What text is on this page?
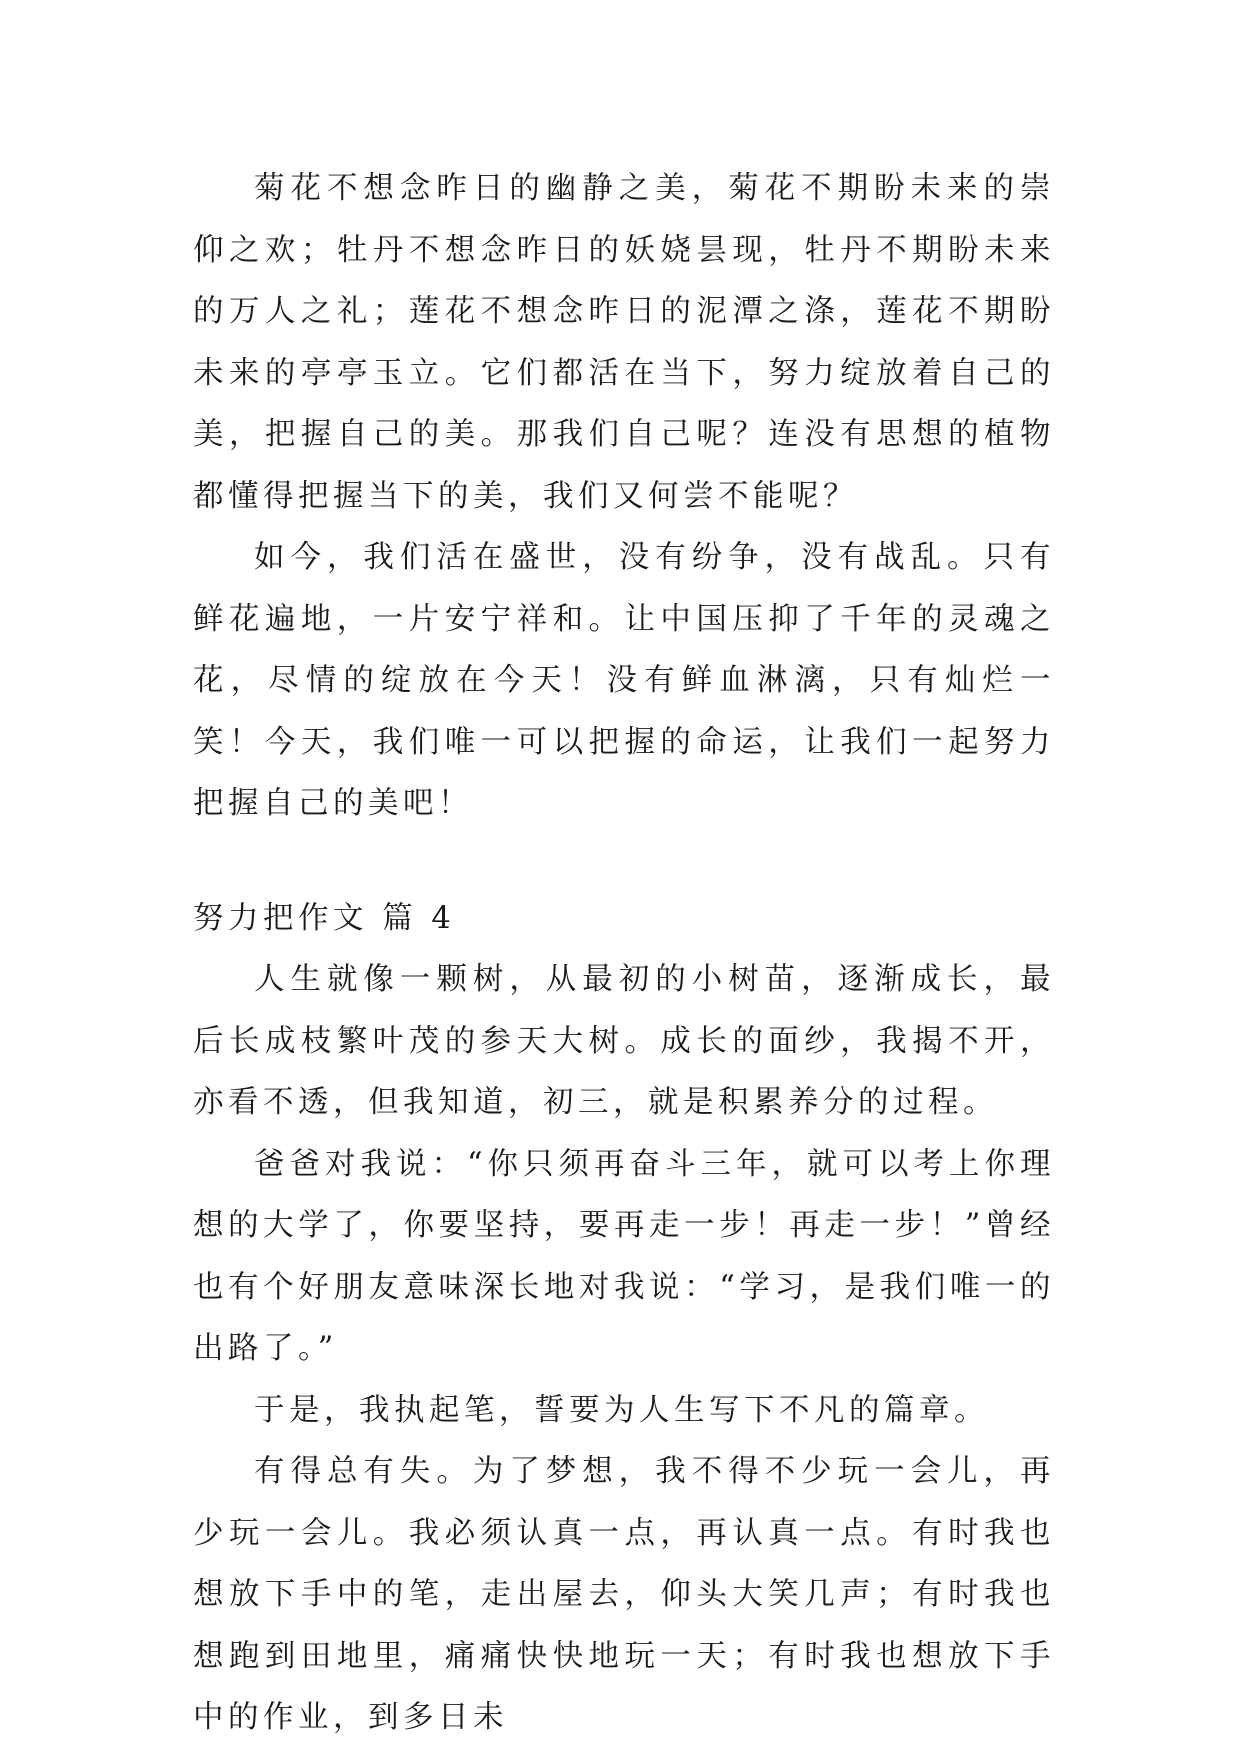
菊花不想念昨日的幽静之美，菊花不期盼未来的崇仰之欢；牡丹不想念昨日的妖娆昙现，牡丹不期盼未来的万人之礼；莲花不想念昨日的泥潭之涤，莲花不期盼未来的亭亭玉立。它们都活在当下，努力绽放着自己的美，把握自己的美。那我们自己呢？连没有思想的植物都懂得把握当下的美，我们又何尝不能呢？

如今，我们活在盛世，没有纷争，没有战乱。只有鲜花遍地，一片安宁祥和。让中国压抑了千年的灵魂之花，尽情的绽放在今天！没有鲜血淋漓，只有灿烂一笑！今天，我们唯一可以把握的命运，让我们一起努力把握自己的美吧！

努力把作文 篇 4

人生就像一颗树，从最初的小树苗，逐渐成长，最后长成枝繁叶茂的参天大树。成长的面纱，我揭不开，亦看不透，但我知道，初三，就是积累养分的过程。

爸爸对我说：“你只须再奋斗三年，就可以考上你理想的大学了，你要坚持，要再走一步！再走一步！”曾经也有个好朋友意味深长地对我说：“学习，是我们唯一的出路了。”

于是，我执起笔，誓要为人生写下不凡的篇章。

有得总有失。为了梦想，我不得不少玩一会儿，再少玩一会儿。我必须认真一点，再认真一点。有时我也想放下手中的笔，走出屋去，仰头大笑几声；有时我也想跑到田地里，痛痛快快地玩一天；有时我也想放下手中的作业，到多日未
